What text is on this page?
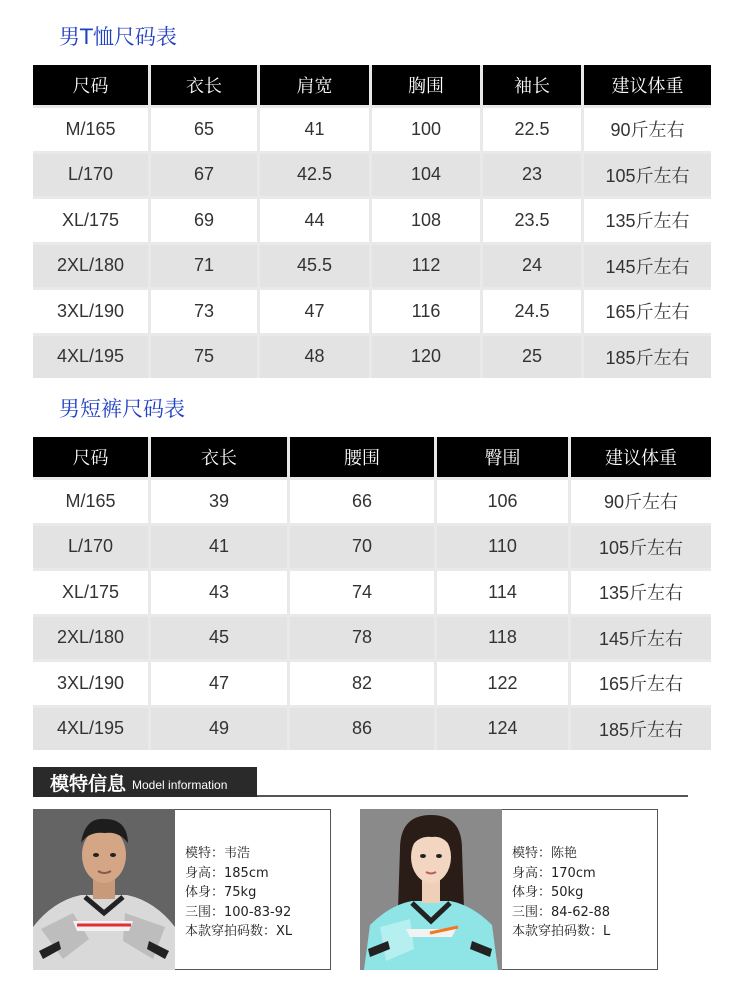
男T恤尺码表
尺码	衣长	肩宽	胸围	袖长	建议体重
M/165	65	41	100	22.5	90斤左右
L/170	67	42.5	104	23	105斤左右
XL/175	69	44	108	23.5	135斤左右
2XL/180	71	45.5	112	24	145斤左右
3XL/190	73	47	116	24.5	165斤左右
4XL/195	75	48	120	25	185斤左右
男短裤尺码表
尺码	衣长	腰围	臀围	建议体重
M/165	39	66	106	90斤左右
L/170	41	70	110	105斤左右
XL/175	43	74	114	135斤左右
2XL/180	45	78	118	145斤左右
3XL/190	47	82	122	165斤左右
4XL/195	49	86	124	185斤左右
模特信息 Model information
模特：韦浩
身高：185cm
体身：75kg
三围：100-83-92
本款穿拍码数：XL
模特：陈艳
身高：170cm
体身：50kg
三围：84-62-88
本款穿拍码数：L
